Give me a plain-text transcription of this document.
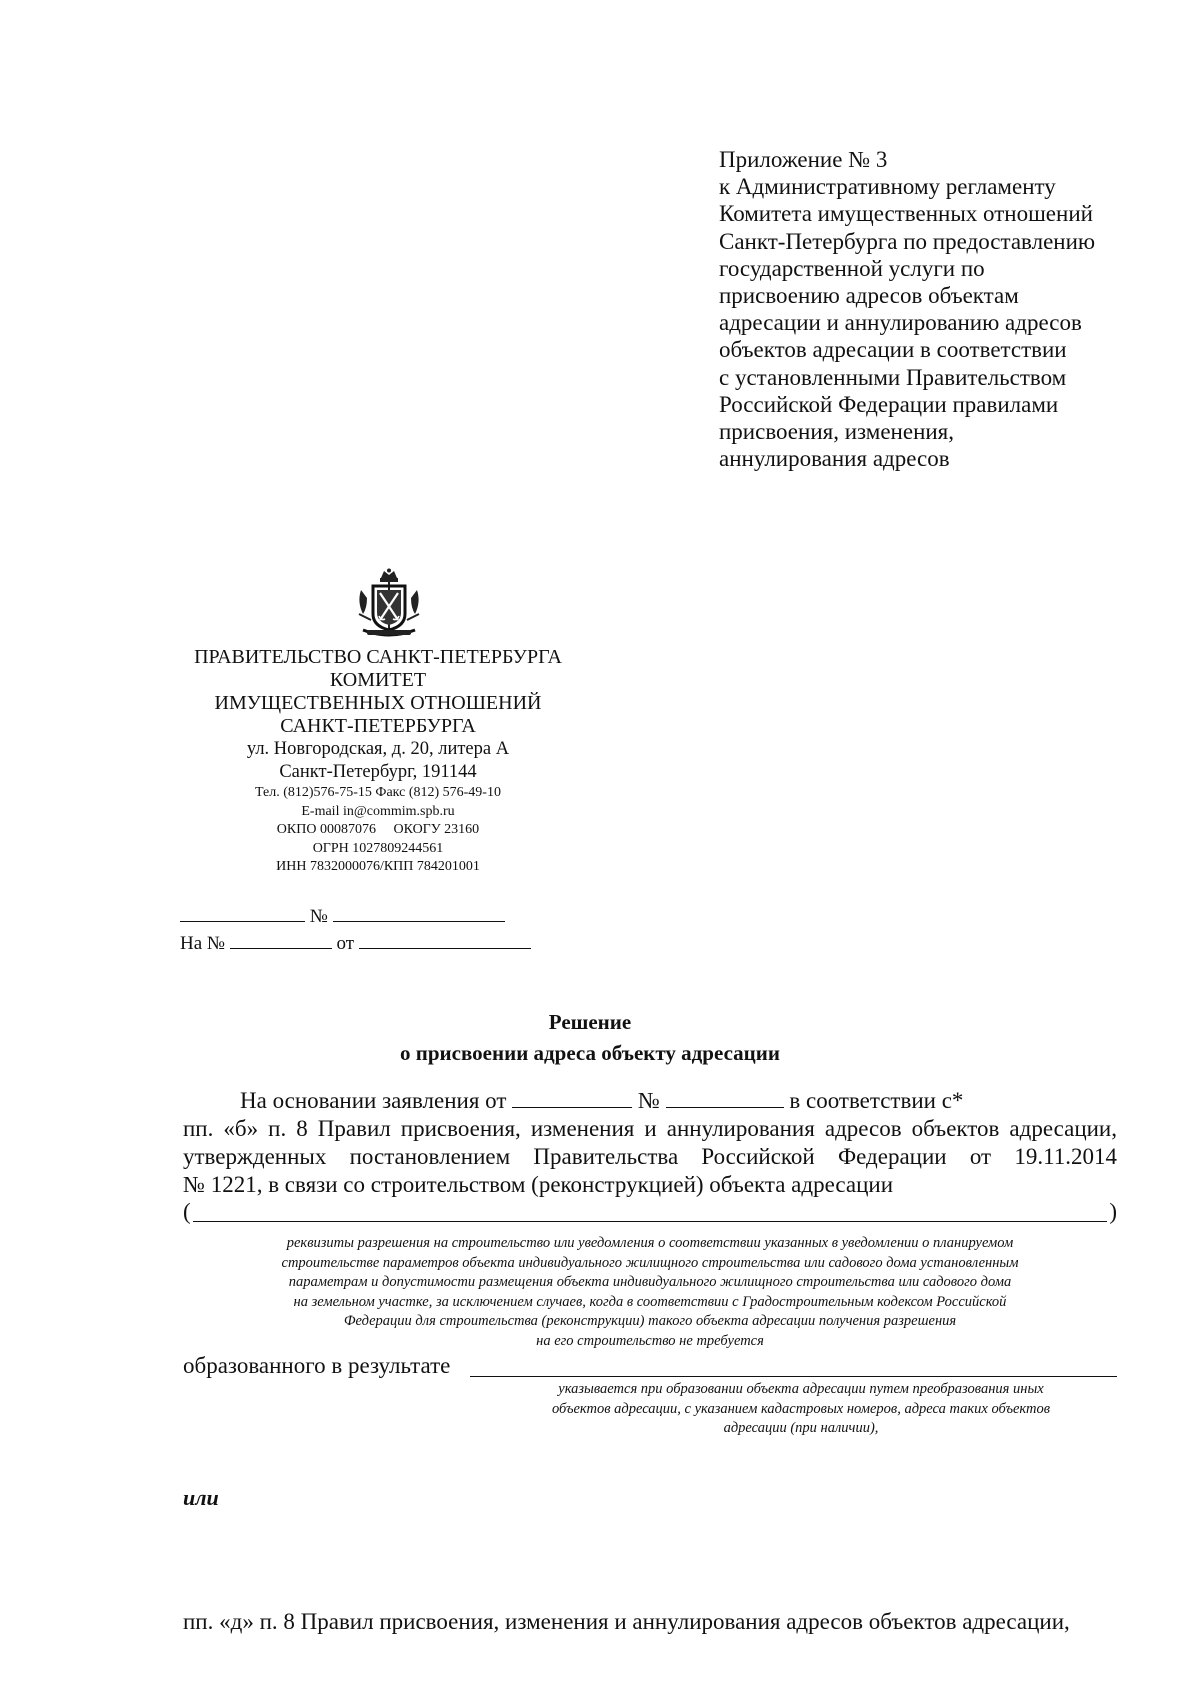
Приложение № 3
к Административному регламенту
Комитета имущественных отношений
Санкт-Петербурга по предоставлению
государственной услуги по
присвоению адресов объектам
адресации и аннулированию адресов
объектов адресации в соответствии
с установленными Правительством
Российской Федерации правилами
присвоения, изменения,
аннулирования адресов
ПРАВИТЕЛЬСТВО САНКТ-ПЕТЕРБУРГА
КОМИТЕТ
ИМУЩЕСТВЕННЫХ ОТНОШЕНИЙ
САНКТ-ПЕТЕРБУРГА
ул. Новгородская, д. 20, литера А
Санкт-Петербург, 191144
Тел. (812)576-75-15 Факс (812) 576-49-10
E-mail in@commim.spb.ru
ОКПО 00087076     ОКОГУ 23160
ОГРН 1027809244561
ИНН 7832000076/КПП 784201001
№
На №	от
Решение
о присвоении адреса объекту адресации
На основании заявления от	№	в соответствии с*
пп. «б» п. 8 Правил присвоения, изменения и аннулирования адресов объектов адресации,
утвержденных постановлением Правительства Российской Федерации от 19.11.2014
№ 1221, в связи со строительством (реконструкцией) объекта адресации
(	)
реквизиты разрешения на строительство или уведомления о соответствии указанных в уведомлении о планируемом
строительстве параметров объекта индивидуального жилищного строительства или садового дома установленным
параметрам и допустимости размещения объекта индивидуального жилищного строительства или садового дома
на земельном участке, за исключением случаев, когда в соответствии с Градостроительным кодексом Российской
Федерации для строительства (реконструкции) такого объекта адресации получения разрешения
на его строительство не требуется
образованного в результате
указывается при образовании объекта адресации путем преобразования иных
объектов адресации, с указанием кадастровых номеров, адреса таких объектов
адресации (при наличии),
или
пп. «д» п. 8 Правил присвоения, изменения и аннулирования адресов объектов адресации,
